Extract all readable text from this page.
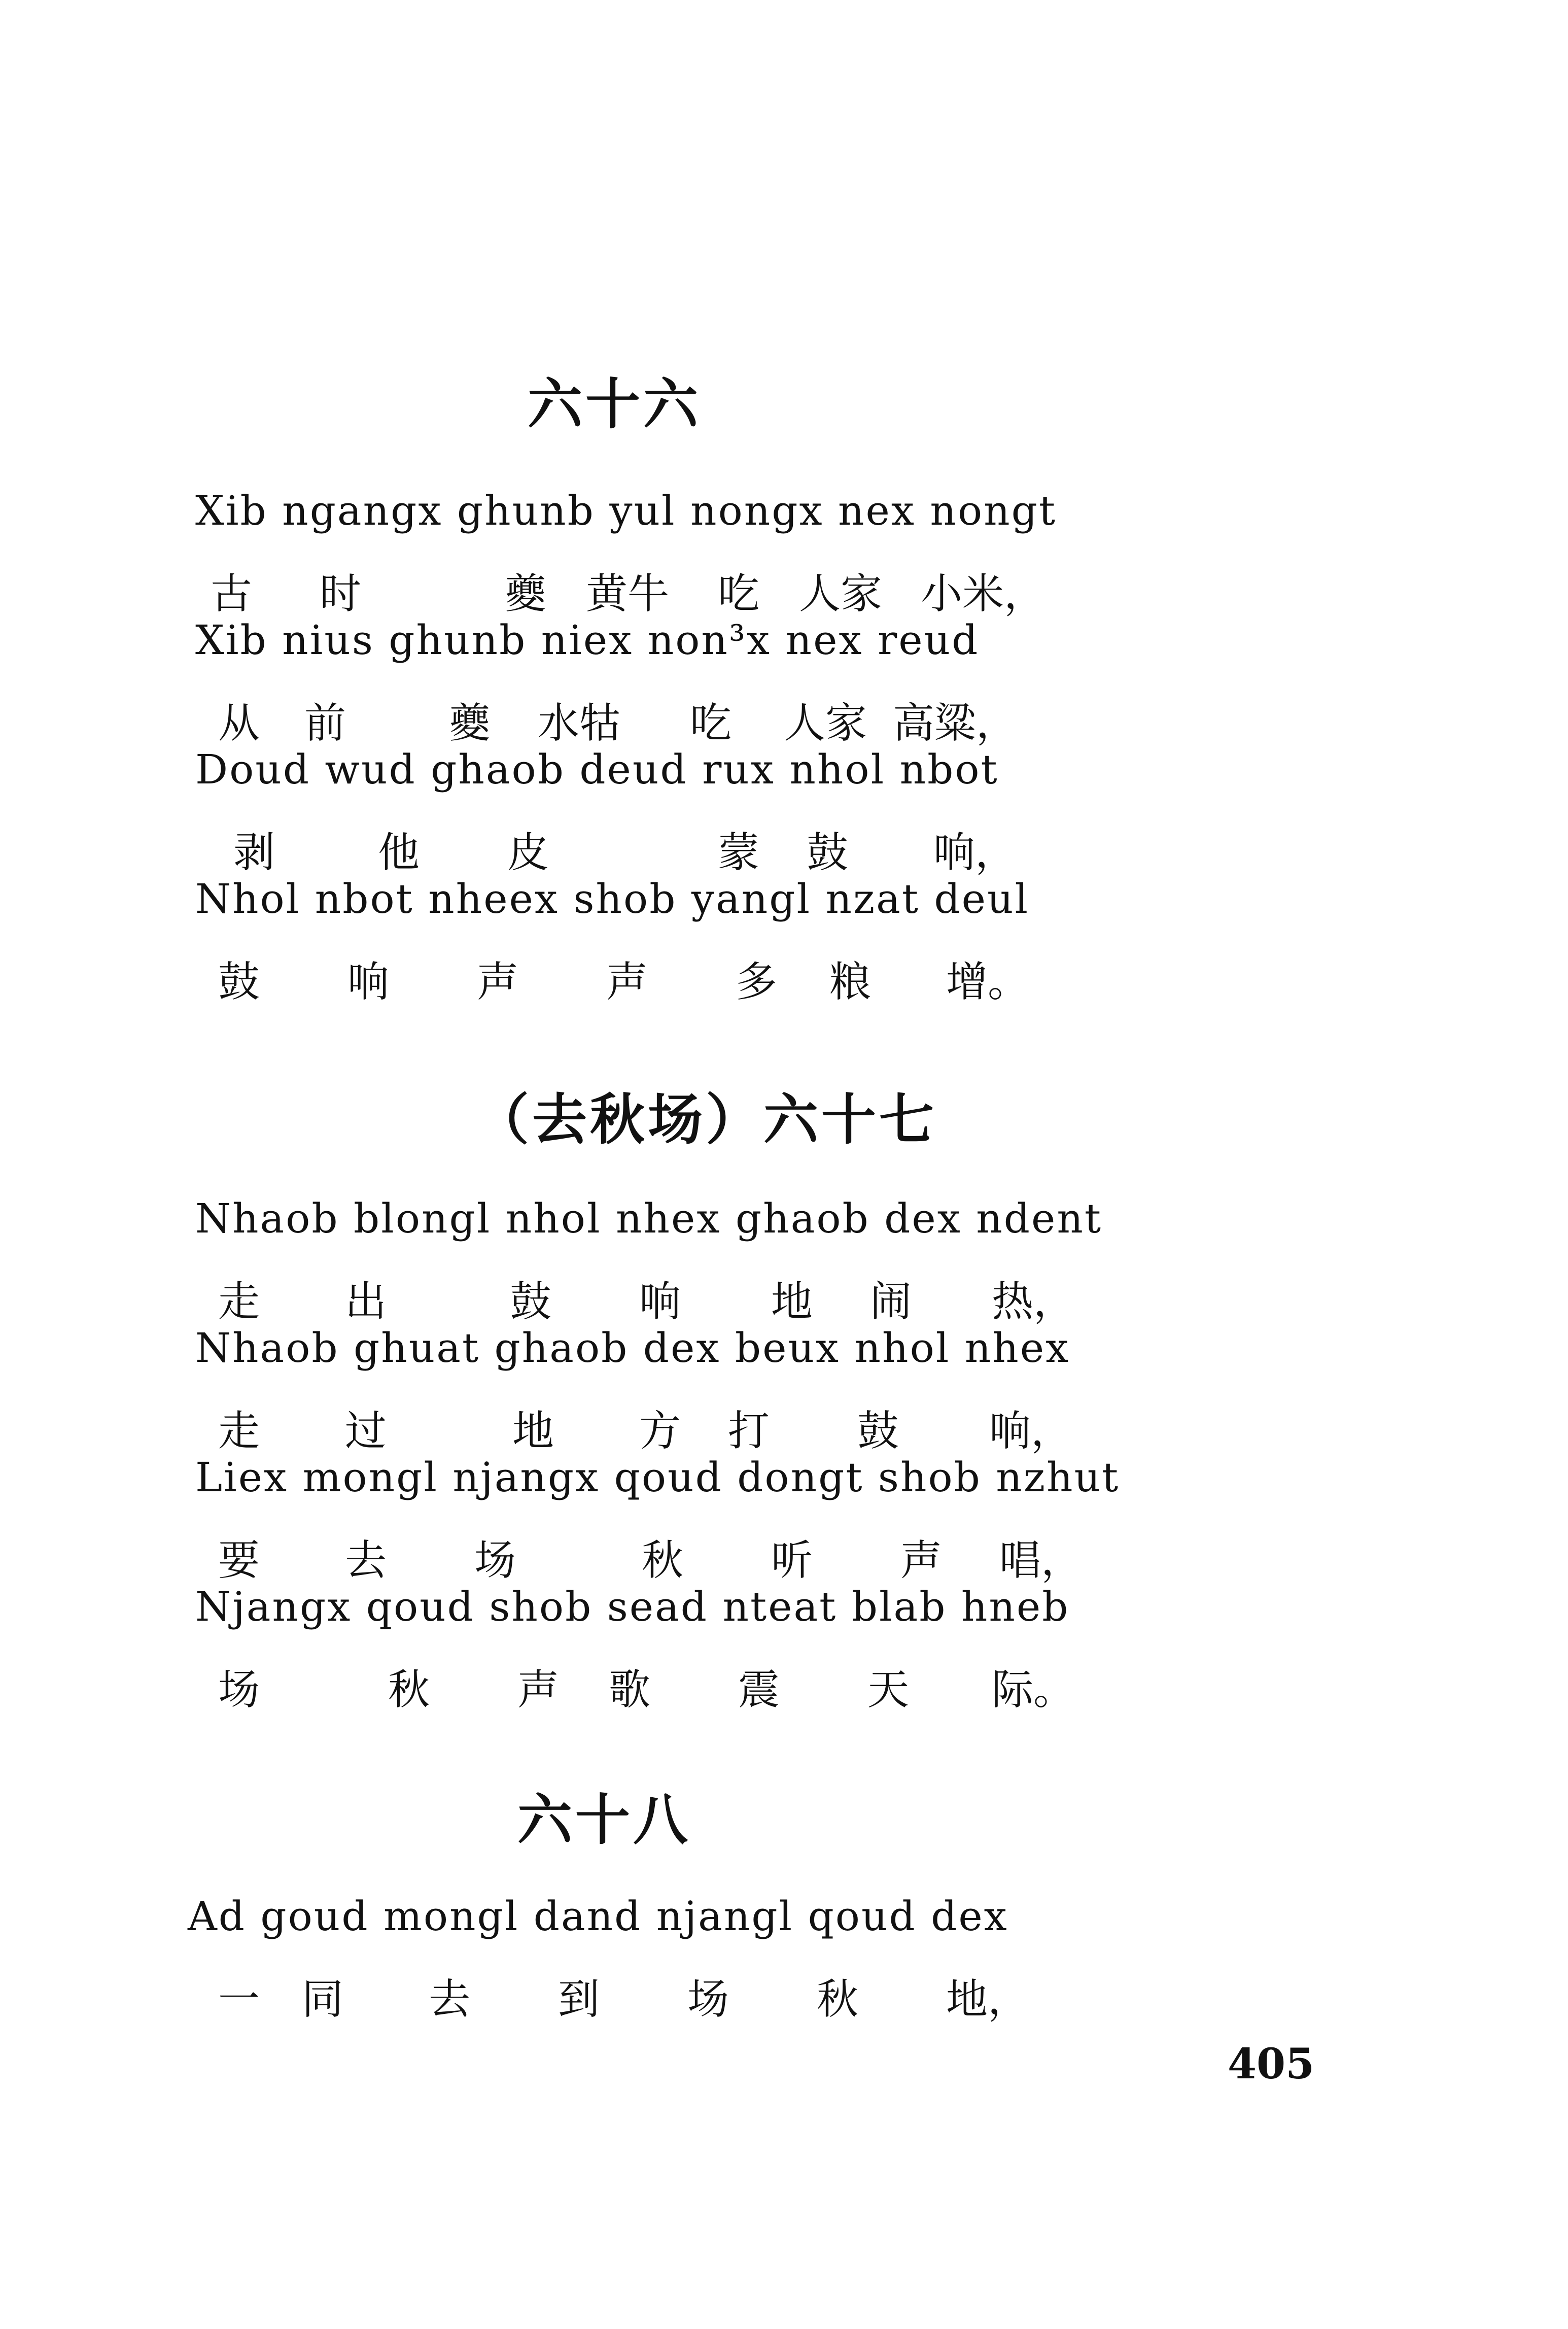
六十六
Xib ngangx ghunb yul nongx nex nongt
古 时	夔 黄牛 吃 人家 小米，
Xib nius ghunb niex non³x nex reud
从 前 夔 水牯 吃 人家 高粱，
Doud wud ghaob deud rux nhol nbot
剥 他 皮	蒙 鼓 响，
Nhol nbot nheex shob yangl nzat deul
鼓 响 声 声 多 粮 增。
（去秋场）六十七
Nhaob blongl nhol nhex ghaob dex ndent
走 出	鼓 响 地 闹 热，
Nhaob ghuat ghaob dex beux nhol nhex
走 过	地 方 打 鼓 响，
Liex mongl njangx qoud dongt shob nzhut
要 去 场	秋 听 声 唱，
Njangx qoud shob sead nteat blab hneb
场	秋 声 歌 震 天 际。
六十八
Ad goud mongl dand njangl qoud dex
一 同 去 到 场 秋 地，
405
